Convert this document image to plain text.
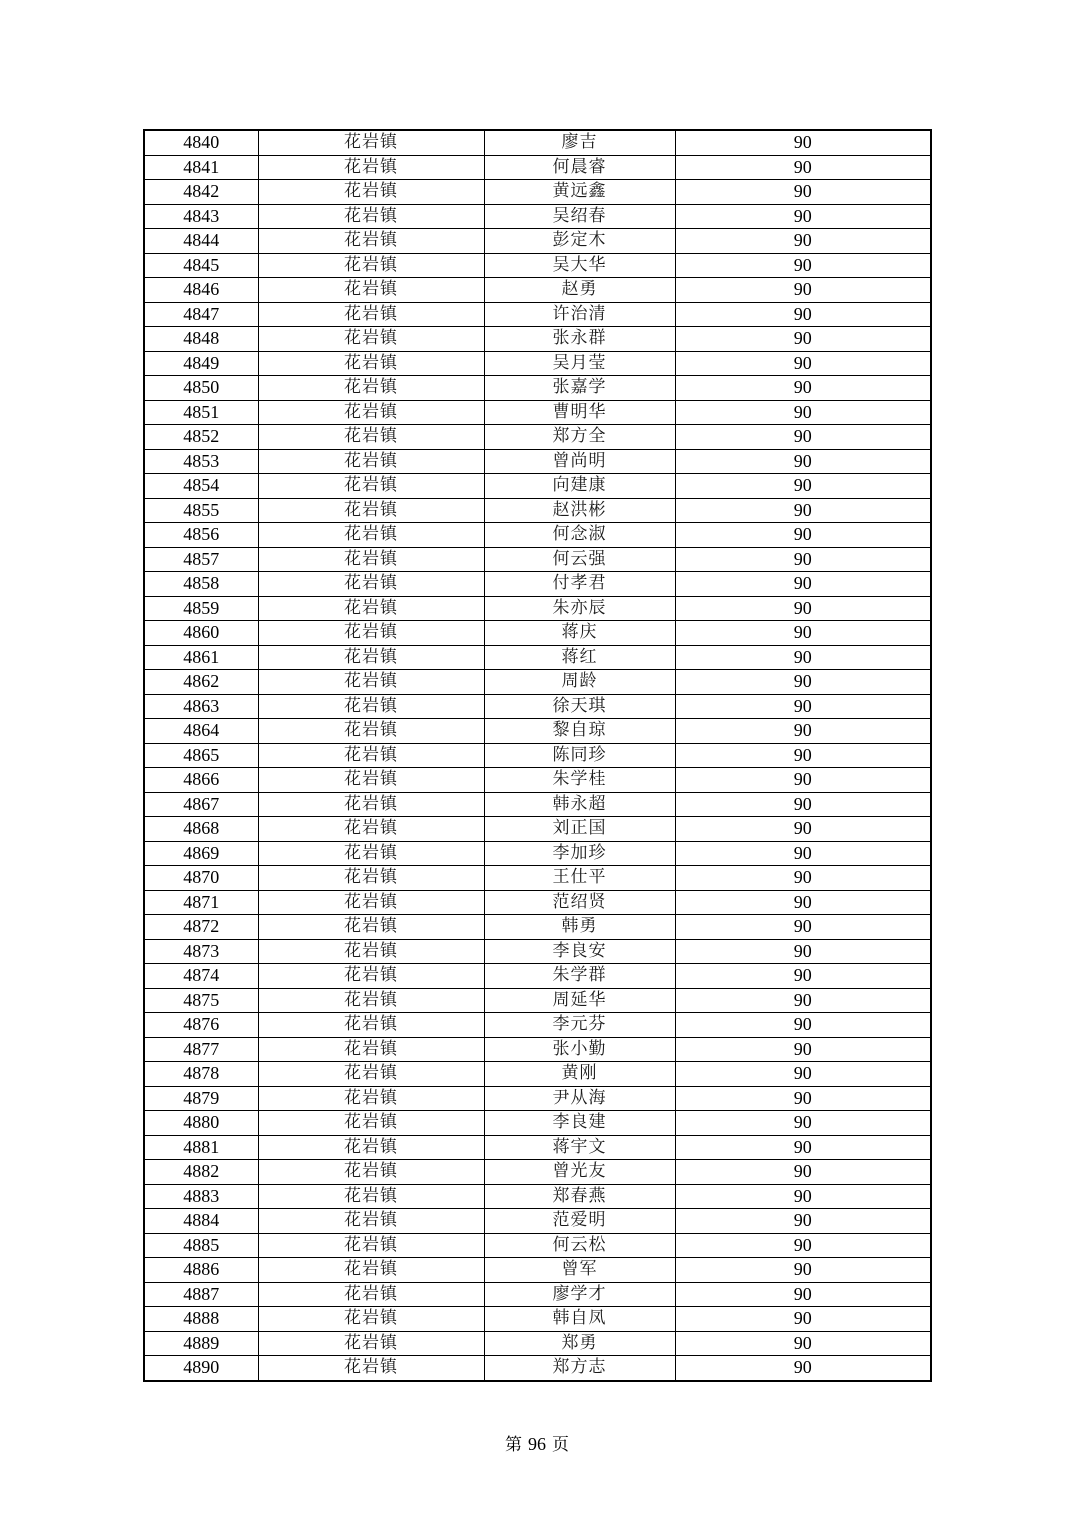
4840	花岩镇	廖吉	90
4841	花岩镇	何晨睿	90
4842	花岩镇	黄远鑫	90
4843	花岩镇	吴绍春	90
4844	花岩镇	彭定木	90
4845	花岩镇	吴大华	90
4846	花岩镇	赵勇	90
4847	花岩镇	许治清	90
4848	花岩镇	张永群	90
4849	花岩镇	吴月莹	90
4850	花岩镇	张嘉学	90
4851	花岩镇	曹明华	90
4852	花岩镇	郑方全	90
4853	花岩镇	曾尚明	90
4854	花岩镇	向建康	90
4855	花岩镇	赵洪彬	90
4856	花岩镇	何念淑	90
4857	花岩镇	何云强	90
4858	花岩镇	付孝君	90
4859	花岩镇	朱亦辰	90
4860	花岩镇	蒋庆	90
4861	花岩镇	蒋红	90
4862	花岩镇	周龄	90
4863	花岩镇	徐天琪	90
4864	花岩镇	黎自琼	90
4865	花岩镇	陈同珍	90
4866	花岩镇	朱学桂	90
4867	花岩镇	韩永超	90
4868	花岩镇	刘正国	90
4869	花岩镇	李加珍	90
4870	花岩镇	王仕平	90
4871	花岩镇	范绍贤	90
4872	花岩镇	韩勇	90
4873	花岩镇	李良安	90
4874	花岩镇	朱学群	90
4875	花岩镇	周延华	90
4876	花岩镇	李元芬	90
4877	花岩镇	张小勤	90
4878	花岩镇	黄刚	90
4879	花岩镇	尹从海	90
4880	花岩镇	李良建	90
4881	花岩镇	蒋宇文	90
4882	花岩镇	曾光友	90
4883	花岩镇	郑春燕	90
4884	花岩镇	范爱明	90
4885	花岩镇	何云松	90
4886	花岩镇	曾军	90
4887	花岩镇	廖学才	90
4888	花岩镇	韩自凤	90
4889	花岩镇	郑勇	90
4890	花岩镇	郑方志	90
第 96 页
